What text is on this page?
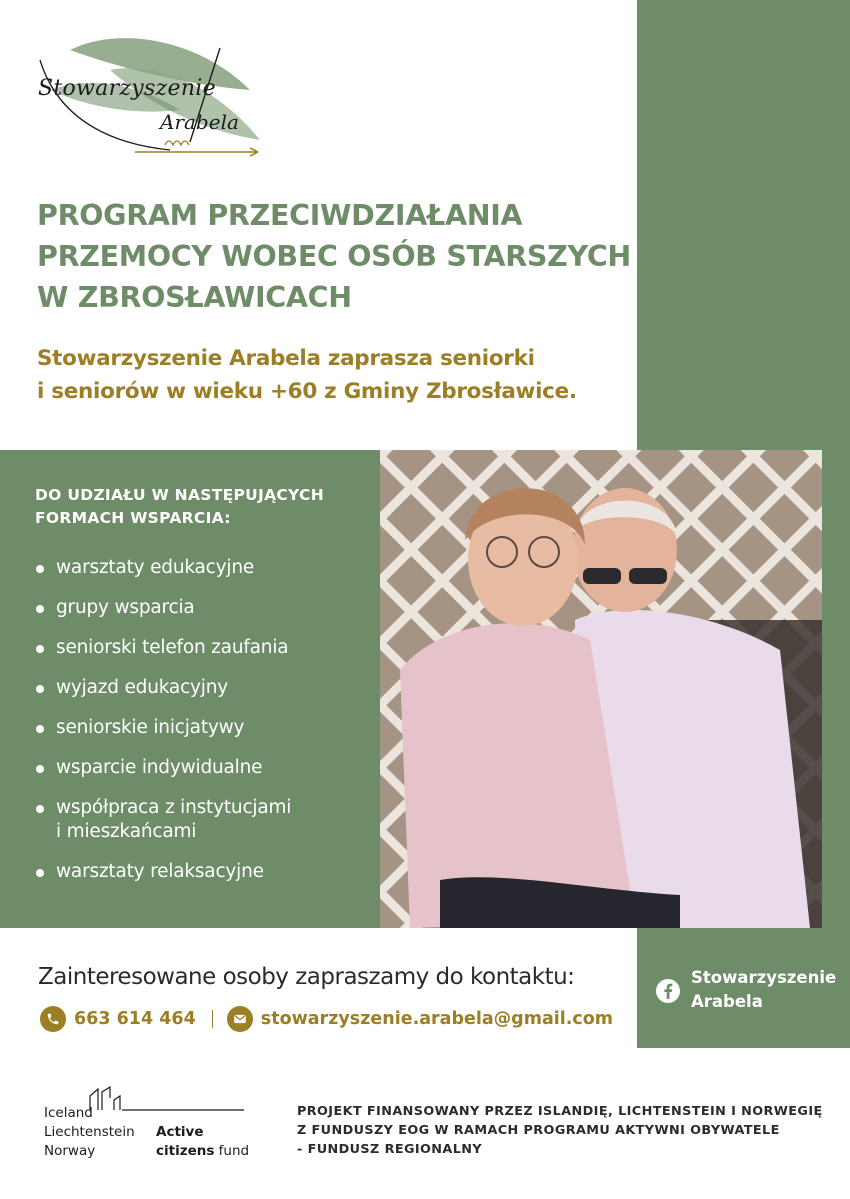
Stowarzyszenie
Arabela
PROGRAM PRZECIWDZIAŁANIA
PRZEMOCY WOBEC OSÓB STARSZYCH
W ZBROSŁAWICACH
Stowarzyszenie Arabela zaprasza seniorki
i seniorów w wieku +60 z Gminy Zbrosławice.
DO UDZIAŁU W NASTĘPUJĄCYCH
FORMACH WSPARCIA:
warsztaty edukacyjne
grupy wsparcia
seniorski telefon zaufania
wyjazd edukacyjny
seniorskie inicjatywy
wsparcie indywidualne
współpraca z instytucjami
i mieszkańcami
warsztaty relaksacyjne
Zainteresowane osoby zapraszamy do kontaktu:
663 614 464	stowarzyszenie.arabela@gmail.com
Stowarzyszenie
Arabela
Iceland
Liechtenstein
Norway
Active
citizens fund
PROJEKT FINANSOWANY PRZEZ ISLANDIĘ, LICHTENSTEIN I NORWEGIĘ
Z FUNDUSZY EOG W RAMACH PROGRAMU AKTYWNI OBYWATELE
- FUNDUSZ REGIONALNY
